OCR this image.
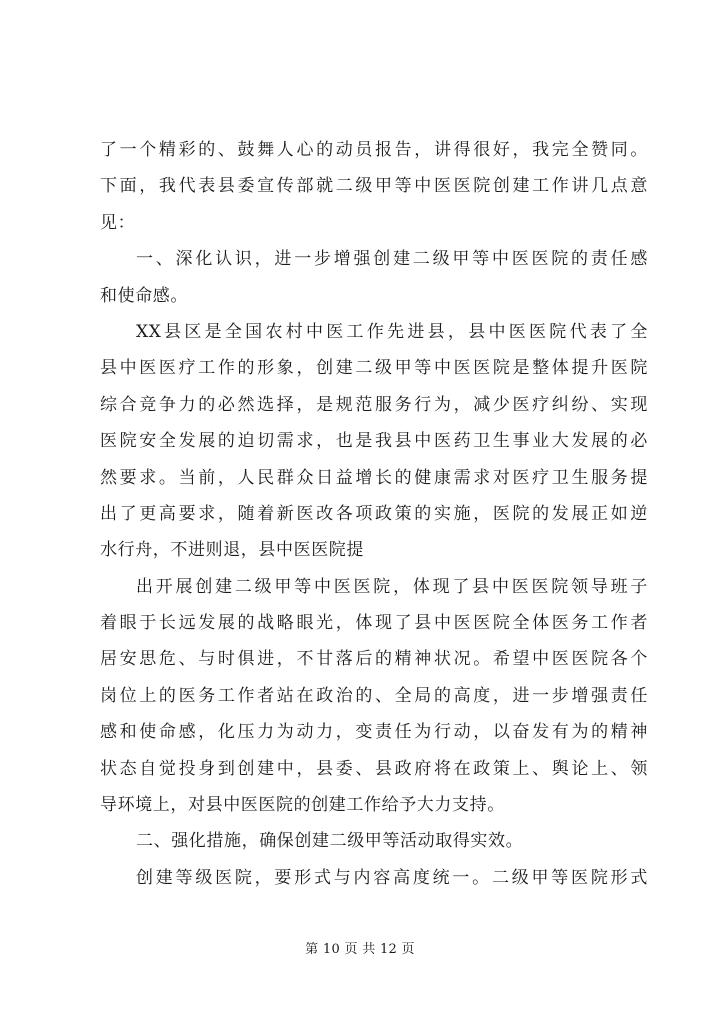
了一个精彩的、鼓舞人心的动员报告，讲得很好，我完全赞同。
下面，我代表县委宣传部就二级甲等中医医院创建工作讲几点意
见：
一、深化认识，进一步增强创建二级甲等中医医院的责任感
和使命感。
XX县区是全国农村中医工作先进县，县中医医院代表了全
县中医医疗工作的形象，创建二级甲等中医医院是整体提升医院
综合竞争力的必然选择，是规范服务行为，减少医疗纠纷、实现
医院安全发展的迫切需求，也是我县中医药卫生事业大发展的必
然要求。当前，人民群众日益增长的健康需求对医疗卫生服务提
出了更高要求，随着新医改各项政策的实施，医院的发展正如逆
水行舟，不进则退，县中医医院提
出开展创建二级甲等中医医院，体现了县中医医院领导班子
着眼于长远发展的战略眼光，体现了县中医医院全体医务工作者
居安思危、与时俱进，不甘落后的精神状况。希望中医医院各个
岗位上的医务工作者站在政治的、全局的高度，进一步增强责任
感和使命感，化压力为动力，变责任为行动，以奋发有为的精神
状态自觉投身到创建中，县委、县政府将在政策上、舆论上、领
导环境上，对县中医医院的创建工作给予大力支持。
二、强化措施，确保创建二级甲等活动取得实效。
创建等级医院，要形式与内容高度统一。二级甲等医院形式
第 10 页 共 12 页
